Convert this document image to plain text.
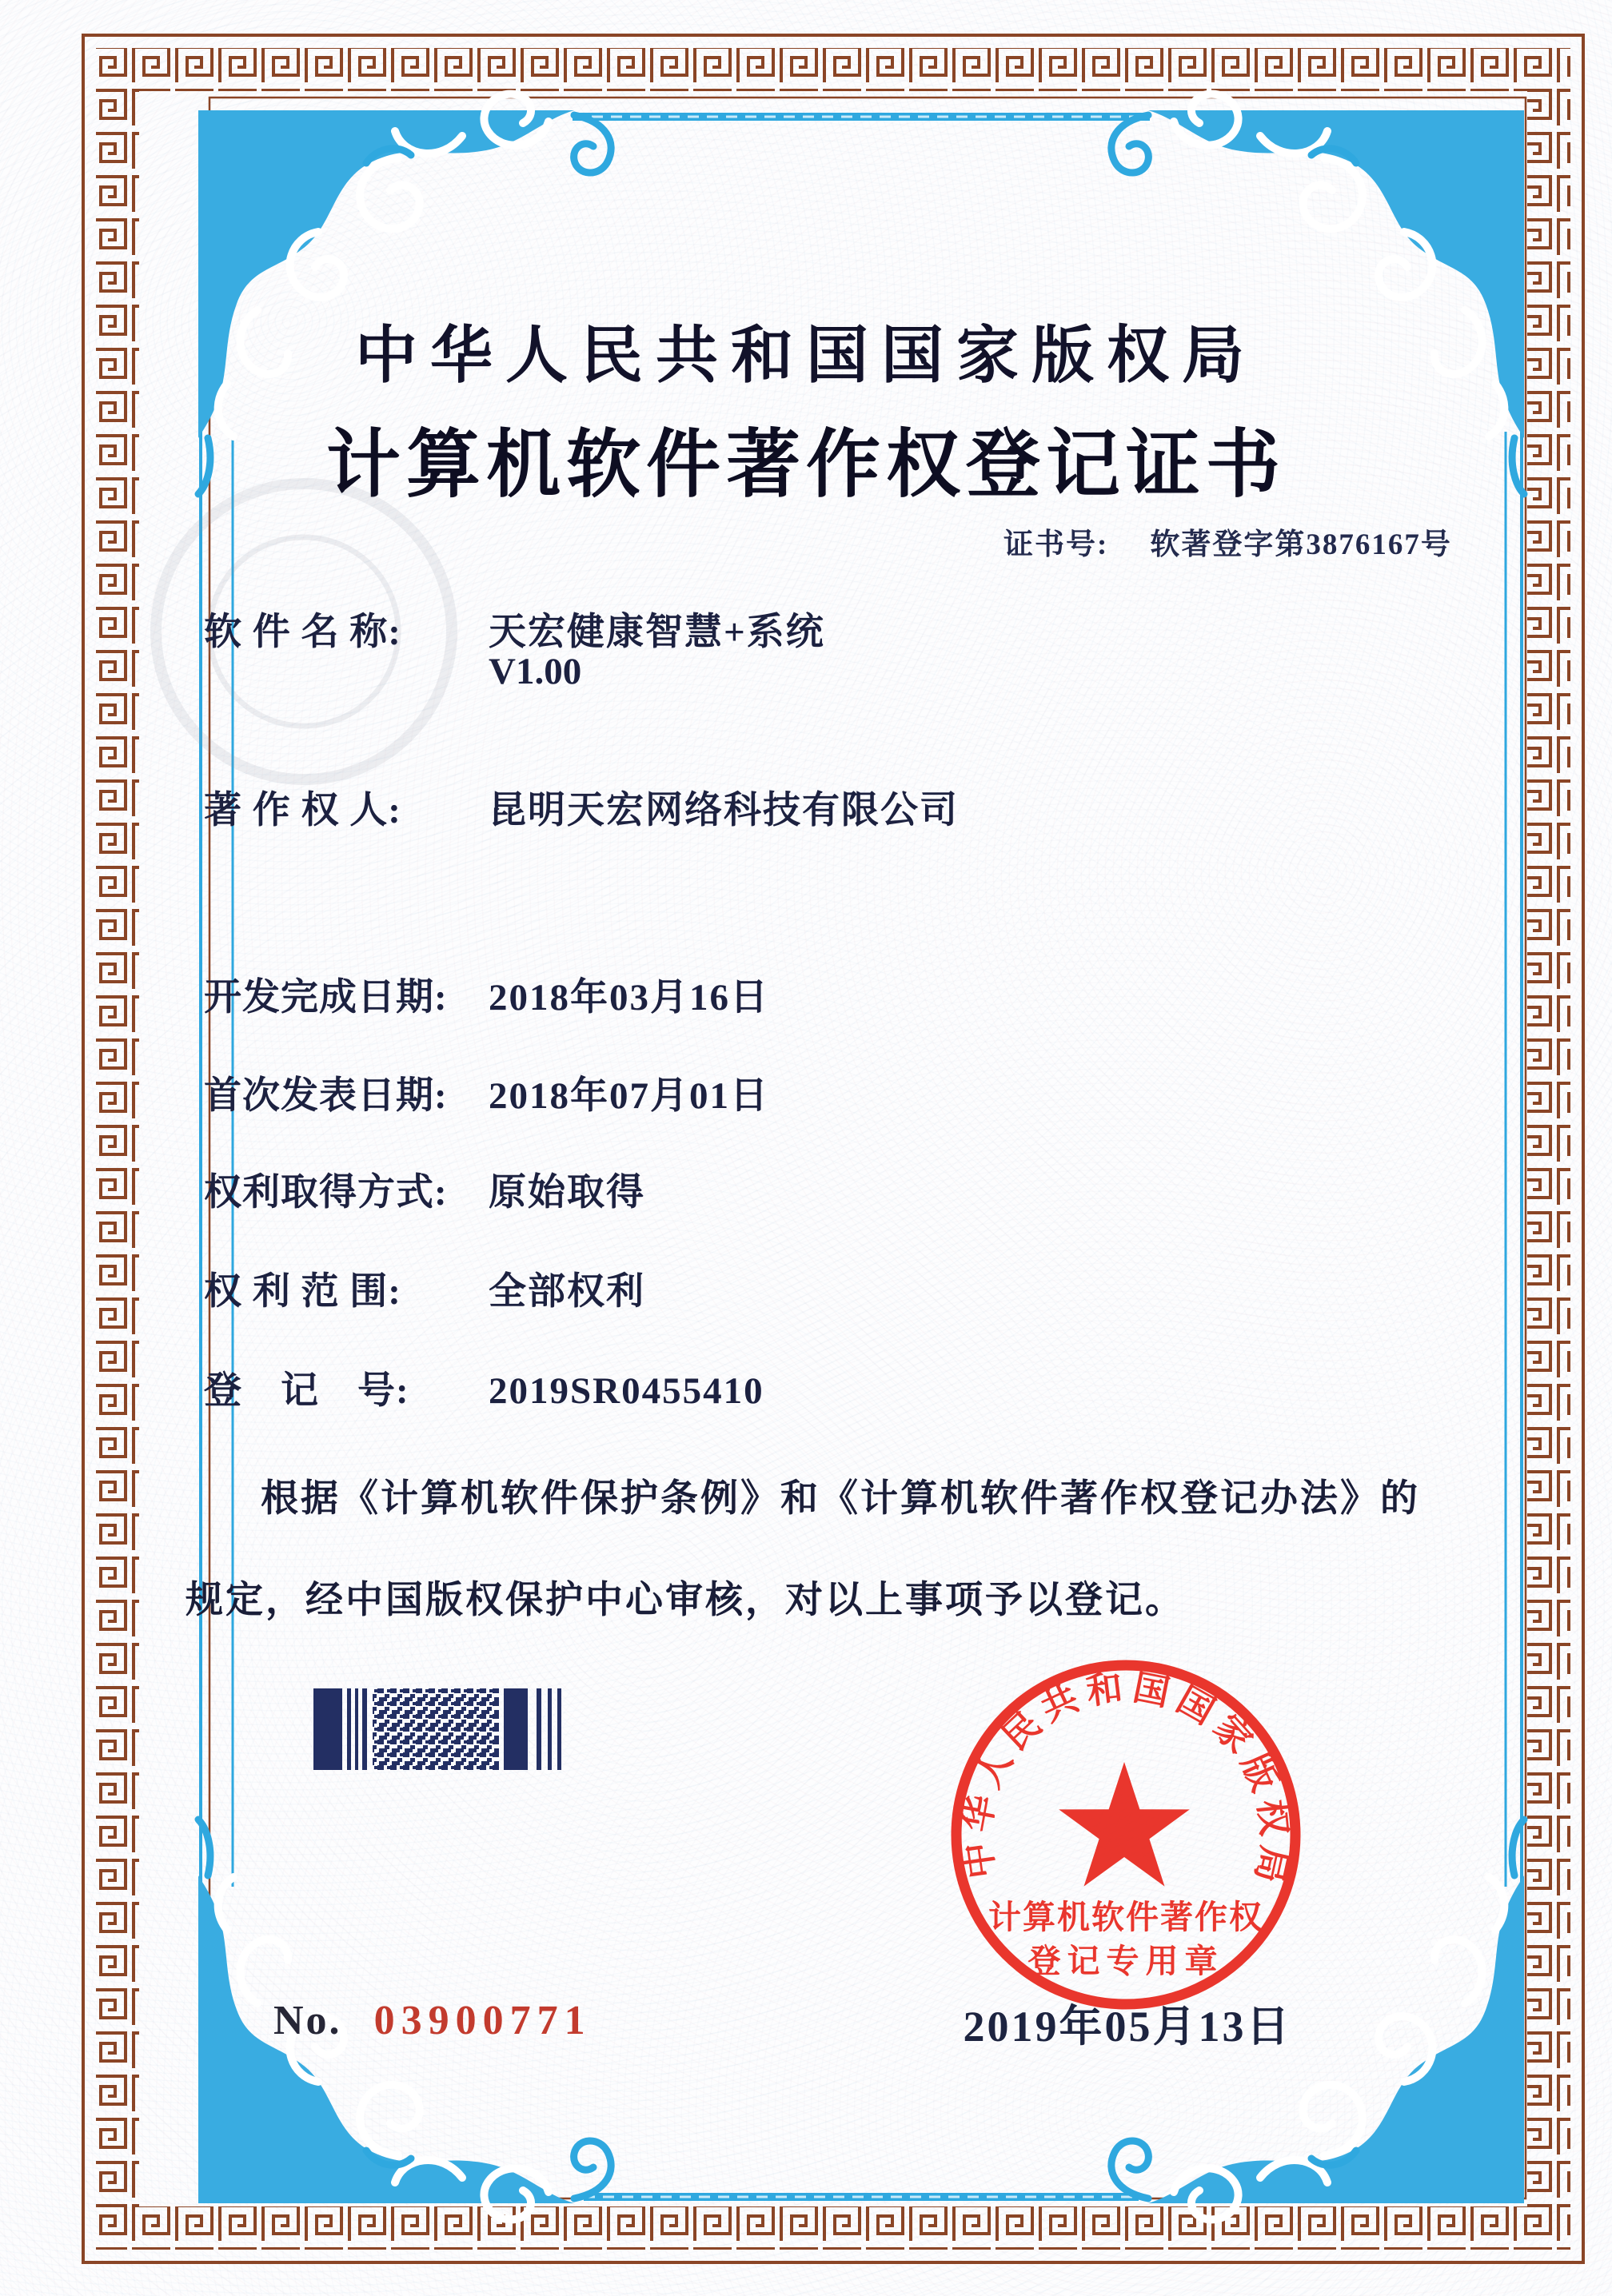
中华人民共和国国家版权局
计算机软件著作权登记证书
证书号: 软著登字第3876167号
软 件 名 称: 天宏健康智慧+系统
V1.00
著 作 权 人: 昆明天宏网络科技有限公司
开发完成日期: 2018年03月16日
首次发表日期: 2018年07月01日
权利取得方式: 原始取得
权 利 范 围: 全部权利
登　记　号: 2019SR0455410
根据《计算机软件保护条例》和《计算机软件著作权登记办法》的
规定，经中国版权保护中心审核，对以上事项予以登记。
中华人民共和国国家版权局
计算机软件著作权
登记专用章
2019年05月13日
No. 03900771
